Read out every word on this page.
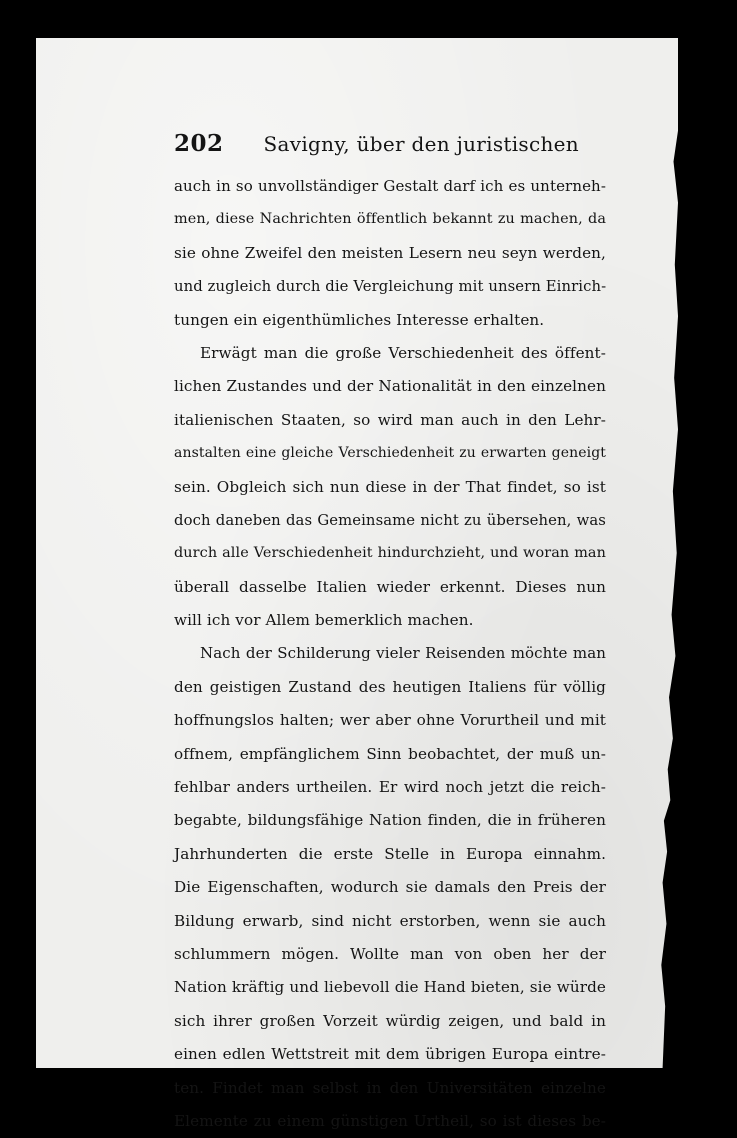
202 Savigny, über den juristischen
auch in so unvollständiger Gestalt darf ich es unterneh-
men, diese Nachrichten öffentlich bekannt zu machen, da
sie ohne Zweifel den meisten Lesern neu seyn werden,
und zugleich durch die Vergleichung mit unsern Einrich-
tungen ein eigenthümliches Interesse erhalten.
Erwägt man die große Verschiedenheit des öffent-
lichen Zustandes und der Nationalität in den einzelnen
italienischen Staaten, so wird man auch in den Lehr-
anstalten eine gleiche Verschiedenheit zu erwarten geneigt
sein. Obgleich sich nun diese in der That findet, so ist
doch daneben das Gemeinsame nicht zu übersehen, was
durch alle Verschiedenheit hindurchzieht, und woran man
überall dasselbe Italien wieder erkennt. Dieses nun
will ich vor Allem bemerklich machen.
Nach der Schilderung vieler Reisenden möchte man
den geistigen Zustand des heutigen Italiens für völlig
hoffnungslos halten; wer aber ohne Vorurtheil und mit
offnem, empfänglichem Sinn beobachtet, der muß un-
fehlbar anders urtheilen. Er wird noch jetzt die reich-
begabte, bildungsfähige Nation finden, die in früheren
Jahrhunderten die erste Stelle in Europa einnahm.
Die Eigenschaften, wodurch sie damals den Preis der
Bildung erwarb, sind nicht erstorben, wenn sie auch
schlummern mögen. Wollte man von oben her der
Nation kräftig und liebevoll die Hand bieten, sie würde
sich ihrer großen Vorzeit würdig zeigen, und bald in
einen edlen Wettstreit mit dem übrigen Europa eintre-
ten. Findet man selbst in den Universitäten einzelne
Elemente zu einem günstigen Urtheil, so ist dieses be-
